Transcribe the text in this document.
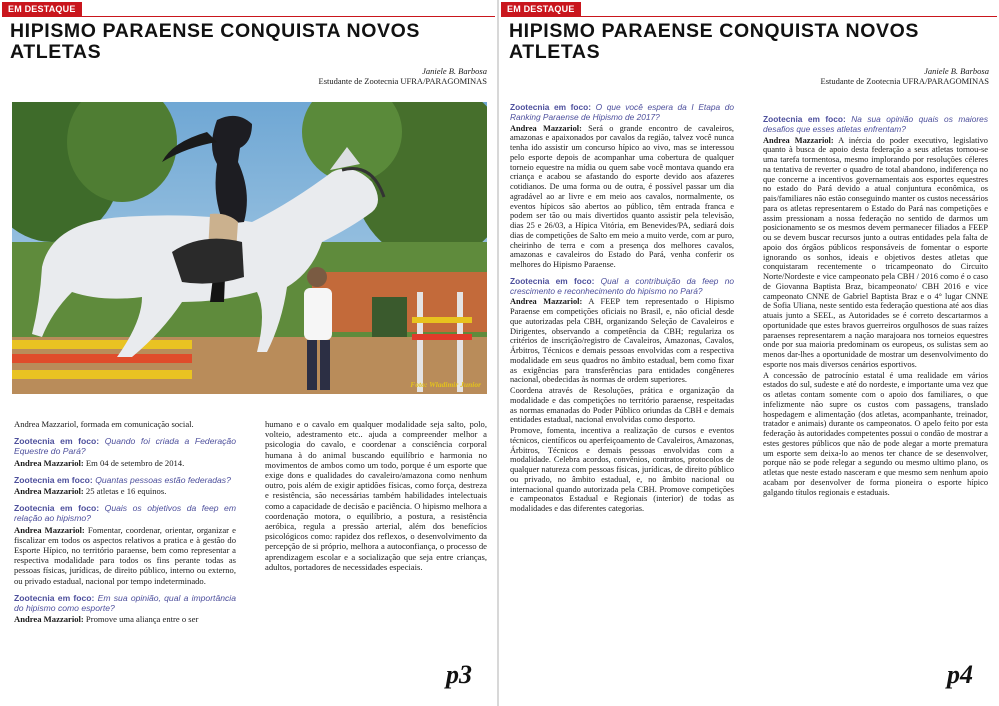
EM DESTAQUE
HIPISMO PARAENSE CONQUISTA NOVOS ATLETAS
Janiele B. Barbosa
Estudante de Zootecnia UFRA/PARAGOMINAS
Foto: Wladimir Junior

Andrea Mazzariol, formada em comunicação social.

Zootecnia em foco: Quando foi criada a Federação Equestre do Pará?

Andrea Mazzariol: Em 04 de setembro de 2014.

Zootecnia em foco: Quantas pessoas estão federadas?

Andrea Mazzariol: 25 atletas e 16 equinos.

Zootecnia em foco: Quais os objetivos da feep em relação ao hipismo?

Andrea Mazzariol: Fomentar, coordenar, orientar, organizar e fiscalizar em todos os aspectos relativos a pratica e à gestão do Esporte Hípico, no território paraense, bem como representar a respectiva modalidade para todos os fins perante todas as pessoas físicas, jurídicas, de direito público, interno ou externo, ou privado estadual, nacional por tempo indeterminado.

Zootecnia em foco: Em sua opinião, qual a importância do hipismo como esporte?

Andrea Mazzariol: Promove uma aliança entre o ser

humano e o cavalo em qualquer modalidade seja salto, polo, volteio, adestramento etc.. ajuda a compreender melhor a psicologia do cavalo, e coordenar a consciência corporal humana à do animal buscando equilíbrio e harmonia no movimentos de ambos como um todo, porque é um esporte que exige dons e qualidades do cavaleiro/amazona como nenhum outro, pois além de exigir aptidões físicas, como força, destreza e resistência, são necessárias também habilidades intelectuais como a capacidade de decisão e paciência. O hipismo melhora a coordenação motora, o equilíbrio, a postura, a resistência aeróbica, regula a pressão arterial, além dos benefícios psicológicos como: rapidez dos reflexos, o desenvolvimento da percepção de si próprio, melhora a autoconfiança, o processo de aprendizagem escolar e a socialização que seja entre crianças, adultos, portadores de necessidades especiais.

p3
EM DESTAQUE
HIPISMO PARAENSE CONQUISTA NOVOS ATLETAS
Janiele B. Barbosa
Estudante de Zootecnia UFRA/PARAGOMINAS

Zootecnia em foco: O que você espera da I Etapa do Ranking Paraense de Hipismo de 2017?

Andrea Mazzariol: Será o grande encontro de cavaleiros, amazonas e apaixonados por cavalos da região, talvez você nunca tenha ido assistir um concurso hípico ao vivo, mas se interessou pelo esporte depois de acompanhar uma cobertura de qualquer torneio equestre na mídia ou quem sabe você montava quando era criança e acabou se afastando do esporte devido aos afazeres cotidianos. De uma forma ou de outra, é possível passar um dia agradável ao ar livre e em meio aos cavalos, normalmente, os eventos hípicos são abertos ao público, têm entrada franca e podem ser tão ou mais divertidos quanto assistir pela televisão, dias 25 e 26/03, a Hípica Vitória, em Benevides/PA, sediará dois dias de competições de Salto em meio a muito verde, com ar puro, cheirinho de terra e com a presença dos melhores cavalos, amazonas e cavaleiros do Estado do Pará, venha conferir os melhores do Hipismo Paraense.

Zootecnia em foco: Qual a contribuição da feep no crescimento e reconhecimento do hipismo no Pará?

Andrea Mazzariol: A FEEP tem representado o Hipismo Paraense em competições oficiais no Brasil, e, não oficial desde que autorizadas pela CBH, organizando Seleção de Cavaleiros e Dirigentes, observando a competência da CBH; regulariza os critérios de inscrição/registro de Cavaleiros, Amazonas, Cavalos, Árbitros, Técnicos e demais pessoas envolvidas com a respectiva modalidade em seus quadros no âmbito estadual, bem como fixar as exigências para transferências para entidades congêneres nacional, obedecidas às normas de ordem superiores.

Coordena através de Resoluções, prática e organização da modalidade e das competições no território paraense, respeitadas as normas emanadas do Poder Público oriundas da CBH e demais entidades estadual, nacional envolvidas como desporto.

Promove, fomenta, incentiva a realização de cursos e eventos técnicos, científicos ou aperfeiçoamento de Cavaleiros, Amazonas, Árbitros, Técnicos e demais pessoas envolvidas com a modalidade. Celebra acordos, convênios, contratos, protocolos de qualquer natureza com pessoas físicas, jurídicas, de direito público ou privado, no âmbito estadual, e, no âmbito nacional ou internacional quando autorizada pela CBH. Promove competições e campeonatos Estadual e Regionais (interior) de todas as modalidades e das diferentes categorias.

Zootecnia em foco: Na sua opinião quais os maiores desafios que esses atletas enfrentam?

Andrea Mazzariol: A inércia do poder executivo, legislativo quanto à busca de apoio desta federação a seus atletas tornou-se uma tarefa tormentosa, mesmo implorando por resoluções céleres na tentativa de reverter o quadro de total abandono, indiferença no que concerne a incentivos governamentais aos esportes equestres no estado do Pará devido a atual conjuntura econômica, os pais/familiares não estão conseguindo manter os custos necessários para os atletas representarem o Estado do Pará nas competições e assim pressionam a nossa federação no sentido de darmos um posicionamento se os mesmos devem permanecer filiados a FEEP ou se devem buscar recursos junto a outras entidades pela falta de apoio dos órgãos públicos responsáveis de fomentar o esporte ignorando os sonhos, ideais e objetivos destes atletas que conquistaram recentemente o tricampeonato do Circuito Norte/Nordeste e vice campeonato pela CBH / 2016 como é o caso de Giovanna Baptista Braz, bicampeonato/ CBH 2016 e vice campeonato CNNE de Gabriel Baptista Braz e o 4° lugar CNNE de Sofia Uliana, neste sentido esta federação questiona até aos dias atuais junto a SEEL, as Autoridades se é correto descartarmos a oportunidade que estes bravos guerreiros orgulhosos de suas raízes paraenses representarem a nação marajoara nos torneios equestres onde por sua maioria predominam os europeus, os sulistas sem ao menos dar-lhes a oportunidade de mostrar um desenvolvimento do esporte nos mais diversos cenários esportivos.

A concessão de patrocínio estatal é uma realidade em vários estados do sul, sudeste e até do nordeste, e importante uma vez que os atletas contam somente com o apoio dos familiares, o que infelizmente não supre os custos com passagens, translado hospedagem e alimentação (dos atletas, acompanhante, treinador, tratador e animais) durante os campeonatos. O apelo feito por esta federação às autoridades competentes possui o condão de mostrar a estes gestores públicos que não de pode alegar a morte prematura um esporte sem deixa-lo ao menos ter chance de se desenvolver, porque não se pode relegar a segundo ou mesmo ultimo plano, os atletas que neste estado nasceram e que mesmo sem nenhum apoio acabam por desenvolver de forma pioneira o esporte hípico galgando títulos regionais e estaduais.

p4
